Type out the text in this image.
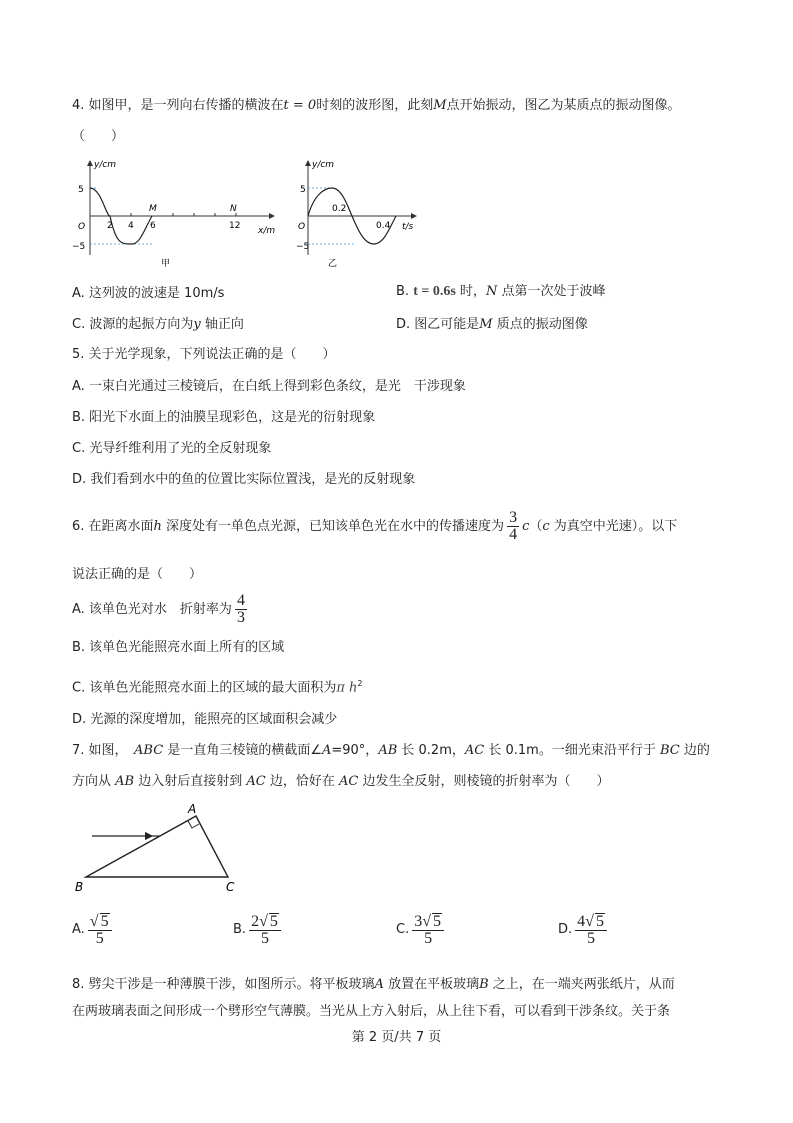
4. 如图甲，是一列向右传播的横波在t = 0时刻的波形图，此刻M点开始振动，图乙为某质点的振动图像。
（　　）
y/cm
x/m
O
5
−5
2 4 6
M	N
12
甲
y/cm
t/s
O
5
−5
0.2
0.4
乙
A. 这列波的波速是 10m/s	B. t = 0.6s 时，N 点第一次处于波峰
C. 波源的起振方向为y 轴正向	D. 图乙可能是M 质点的振动图像
5. 关于光学现象，下列说法正确的是（　　）
A. 一束白光通过三棱镜后，在白纸上得到彩色条纹，是光　干涉现象
B. 阳光下水面上的油膜呈现彩色，这是光的衍射现象
C. 光导纤维利用了光的全反射现象
D. 我们看到水中的鱼的位置比实际位置浅，是光的反射现象
6. 在距离水面h 深度处有一单色点光源，已知该单色光在水中的传播速度为 $\frac{3}{4} c(c$ 为真空中光速）。以下
说法正确的是（　　）
A. 该单色光对水　折射率为 $\frac{4}{3}$
B. 该单色光能照亮水面上所有的区域
C. 该单色光能照亮水面上的区域的最大面积为π $h^2$
D. 光源的深度增加，能照亮的区域面积会减少
7. 如图，　ABC 是一直角三棱镜的横截面∠A=90°，AB 长 0.2m，AC 长 0.1m。一细光束沿平行于 BC 边的
方向从 AB 边入射后直接射到 AC 边，恰好在 AC 边发生全反射，则棱镜的折射率为（　　）
A
B	C
A. $\frac{√ 5}{5}$	B. $\frac{2√ 5}{5}$	C. $\frac{3√ 5}{5}$	D. $\frac{4√ 5}{5}$
8. 劈尖干涉是一种薄膜干涉，如图所示。将平板玻璃A 放置在平板玻璃B 之上，在一端夹两张纸片，从而
在两玻璃表面之间形成一个劈形空气薄膜。当光从上方入射后，从上往下看，可以看到干涉条纹。关于条
第 2 页/共 7 页
